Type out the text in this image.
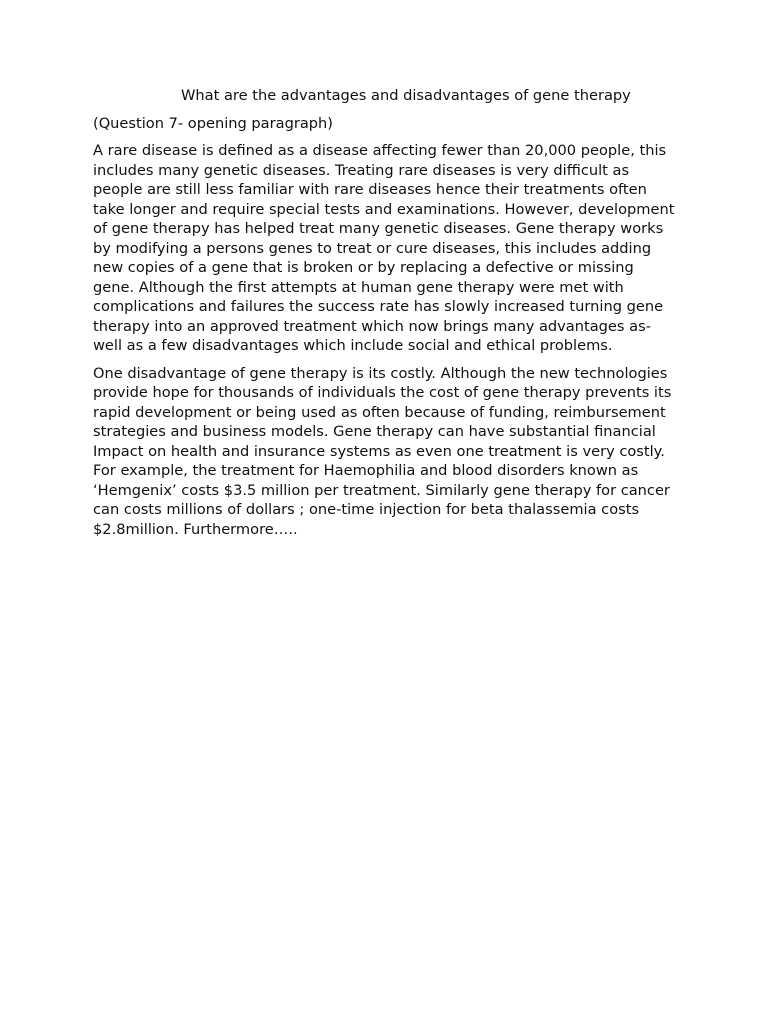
What are the advantages and disadvantages of gene therapy
(Question 7- opening paragraph)

A rare disease is defined as a disease affecting fewer than 20,000 people, this includes many genetic diseases. Treating rare diseases is very difficult as people are still less familiar with rare diseases hence their treatments often take longer and require special tests and examinations. However, development of gene therapy has helped treat many genetic diseases. Gene therapy works by modifying a persons genes to treat or cure diseases, this includes adding new copies of a gene that is broken or by replacing a defective or missing gene. Although the first attempts at human gene therapy were met with complications and failures the success rate has slowly increased turning gene therapy into an approved treatment which now brings many advantages as-well as a few disadvantages which include social and ethical problems.

One disadvantage of gene therapy is its costly. Although the new technologies provide hope for thousands of individuals the cost of gene therapy prevents its rapid development or being used as often because of funding, reimbursement strategies and business models. Gene therapy can have substantial financial Impact on health and insurance systems as even one treatment is very costly. For example, the treatment for Haemophilia and blood disorders known as ‘Hemgenix’ costs $3.5 million per treatment. Similarly gene therapy for cancer can costs millions of dollars ; one-time injection for beta thalassemia costs $2.8million. Furthermore…..
